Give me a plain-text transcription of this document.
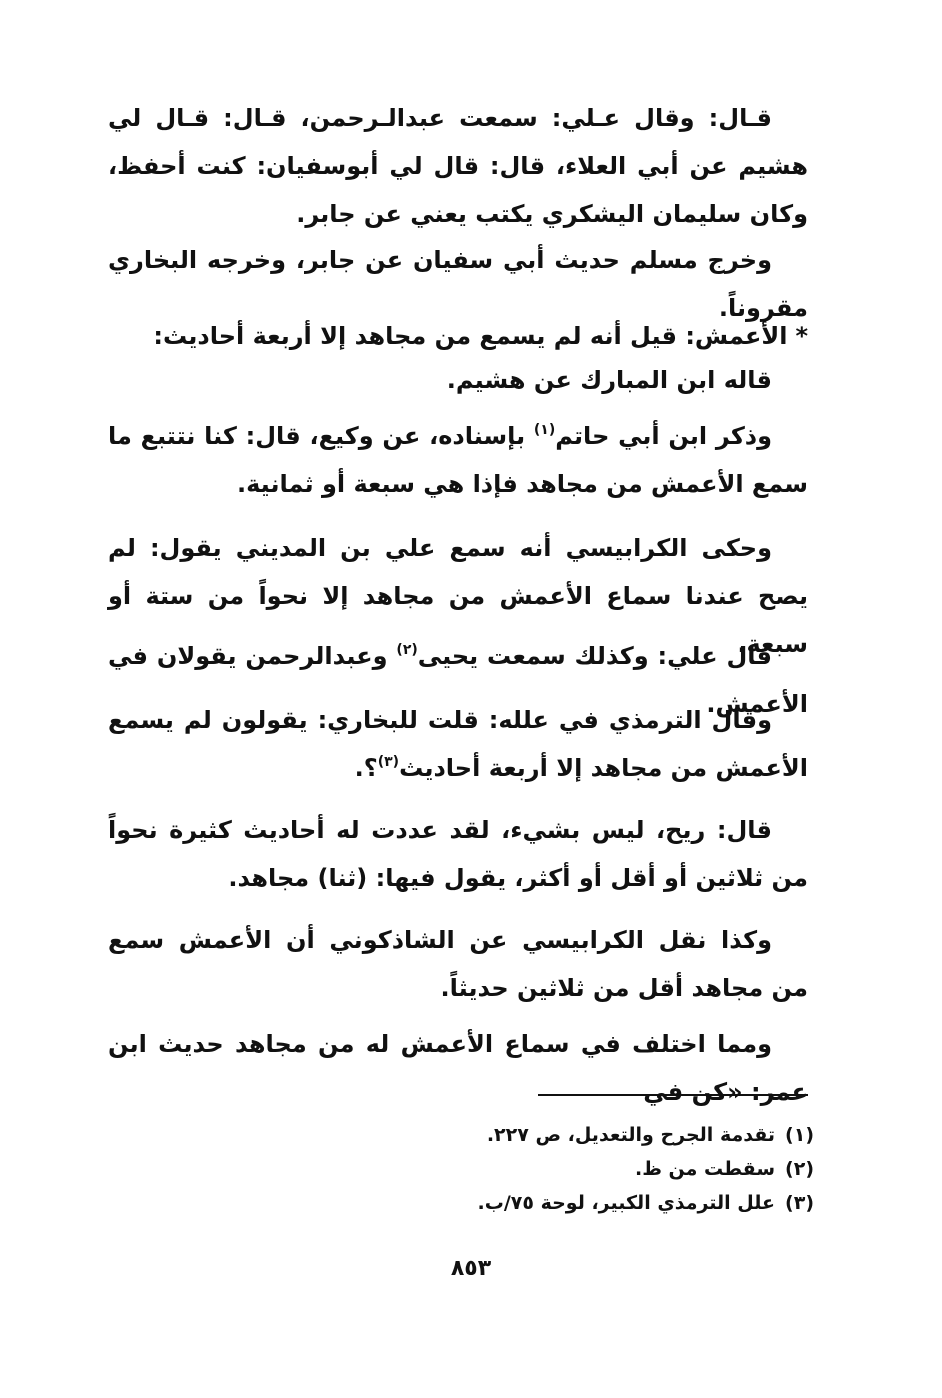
قـال: وقال عـلي: سمعت عبدالـرحمن، قـال: قـال لي هشيم عن أبي العلاء، قال: قال لي أبوسفيان: كنت أحفظ، وكان سليمان اليشكري يكتب يعني عن جابر.

وخرج مسلم حديث أبي سفيان عن جابر، وخرجه البخاري مقروناً.

*الأعمش: قيل أنه لم يسمع من مجاهد إلا أربعة أحاديث:

قاله ابن المبارك عن هشيم.

وذكر ابن أبي حاتم$^{(١)}$ بإسناده، عن وكيع، قال: كنا نتتبع ما سمع الأعمش من مجاهد فإذا هي سبعة أو ثمانية.

وحكى الكرابيسي أنه سمع علي بن المديني يقول: لم يصح عندنا سماع الأعمش من مجاهد إلا نحواً من ستة أو سبعة.

قال علي: وكذلك سمعت يحيى$^{(٢)}$ وعبدالرحمن يقولان في الأعمش.

وقال الترمذي في علله: قلت للبخاري: يقولون لم يسمع الأعمش من مجاهد إلا أربعة أحاديث$^{(٣)}$؟.

قال: ريح، ليس بشيء، لقد عددت له أحاديث كثيرة نحواً من ثلاثين أو أقل أو أكثر، يقول فيها: (ثنا) مجاهد.

وكذا نقل الكرابيسي عن الشاذكوني أن الأعمش سمع من مجاهد أقل من ثلاثين حديثاً.

ومما اختلف في سماع الأعمش له من مجاهد حديث ابن عمر: «كن في

(١)تقدمة الجرح والتعديل، ص ٢٢٧.

(٢)سقطت من ظ.

(٣)علل الترمذي الكبير، لوحة ٧٥/ب.

٨٥٣
